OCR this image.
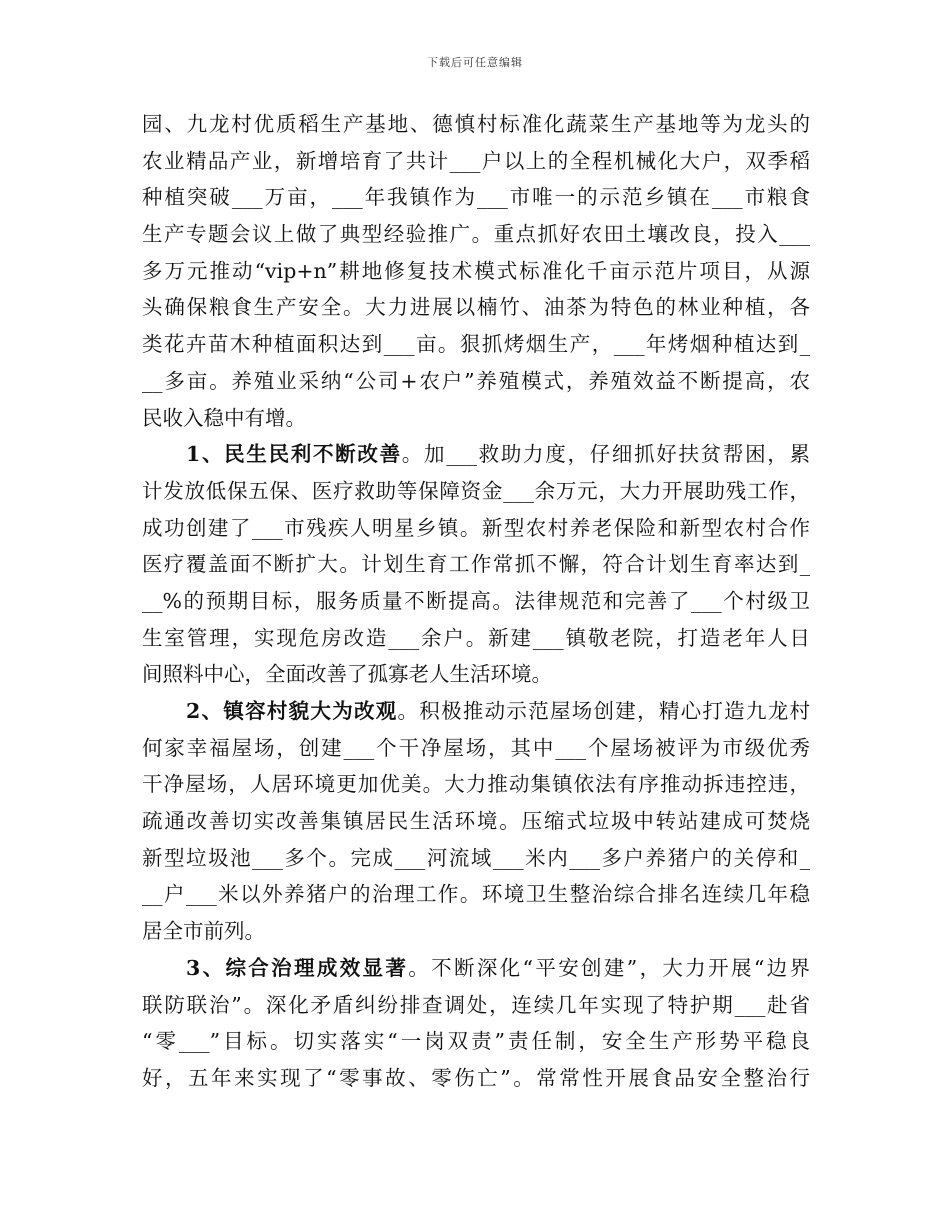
下载后可任意编辑
园、九龙村优质稻生产基地、德慎村标准化蔬菜生产基地等为龙头的
农业精品产业，新增培育了共计___户以上的全程机械化大户，双季稻
种植突破___万亩，___年我镇作为___市唯一的示范乡镇在___市粮食
生产专题会议上做了典型经验推广。重点抓好农田土壤改良，投入___
多万元推动“vip+n”耕地修复技术模式标准化千亩示范片项目，从源
头确保粮食生产安全。大力进展以楠竹、油茶为特色的林业种植，各
类花卉苗木种植面积达到___亩。狠抓烤烟生产，___年烤烟种植达到_
__多亩。养殖业采纳“公司+农户”养殖模式，养殖效益不断提高，农
民收入稳中有增。
1、民生民利不断改善。加___救助力度，仔细抓好扶贫帮困，累
计发放低保五保、医疗救助等保障资金___余万元，大力开展助残工作，
成功创建了___市残疾人明星乡镇。新型农村养老保险和新型农村合作
医疗覆盖面不断扩大。计划生育工作常抓不懈，符合计划生育率达到_
__%的预期目标，服务质量不断提高。法律规范和完善了___个村级卫
生室管理，实现危房改造___余户。新建___镇敬老院，打造老年人日
间照料中心，全面改善了孤寡老人生活环境。
2、镇容村貌大为改观。积极推动示范屋场创建，精心打造九龙村
何家幸福屋场，创建___个干净屋场，其中___个屋场被评为市级优秀
干净屋场，人居环境更加优美。大力推动集镇依法有序推动拆违控违，
疏通改善切实改善集镇居民生活环境。压缩式垃圾中转站建成可焚烧
新型垃圾池___多个。完成___河流域___米内___多户养猪户的关停和_
__户___米以外养猪户的治理工作。环境卫生整治综合排名连续几年稳
居全市前列。
3、综合治理成效显著。不断深化“平安创建”，大力开展“边界
联防联治”。深化矛盾纠纷排查调处，连续几年实现了特护期___赴省
“零___”目标。切实落实“一岗双责”责任制，安全生产形势平稳良
好，五年来实现了“零事故、零伤亡”。常常性开展食品安全整治行
